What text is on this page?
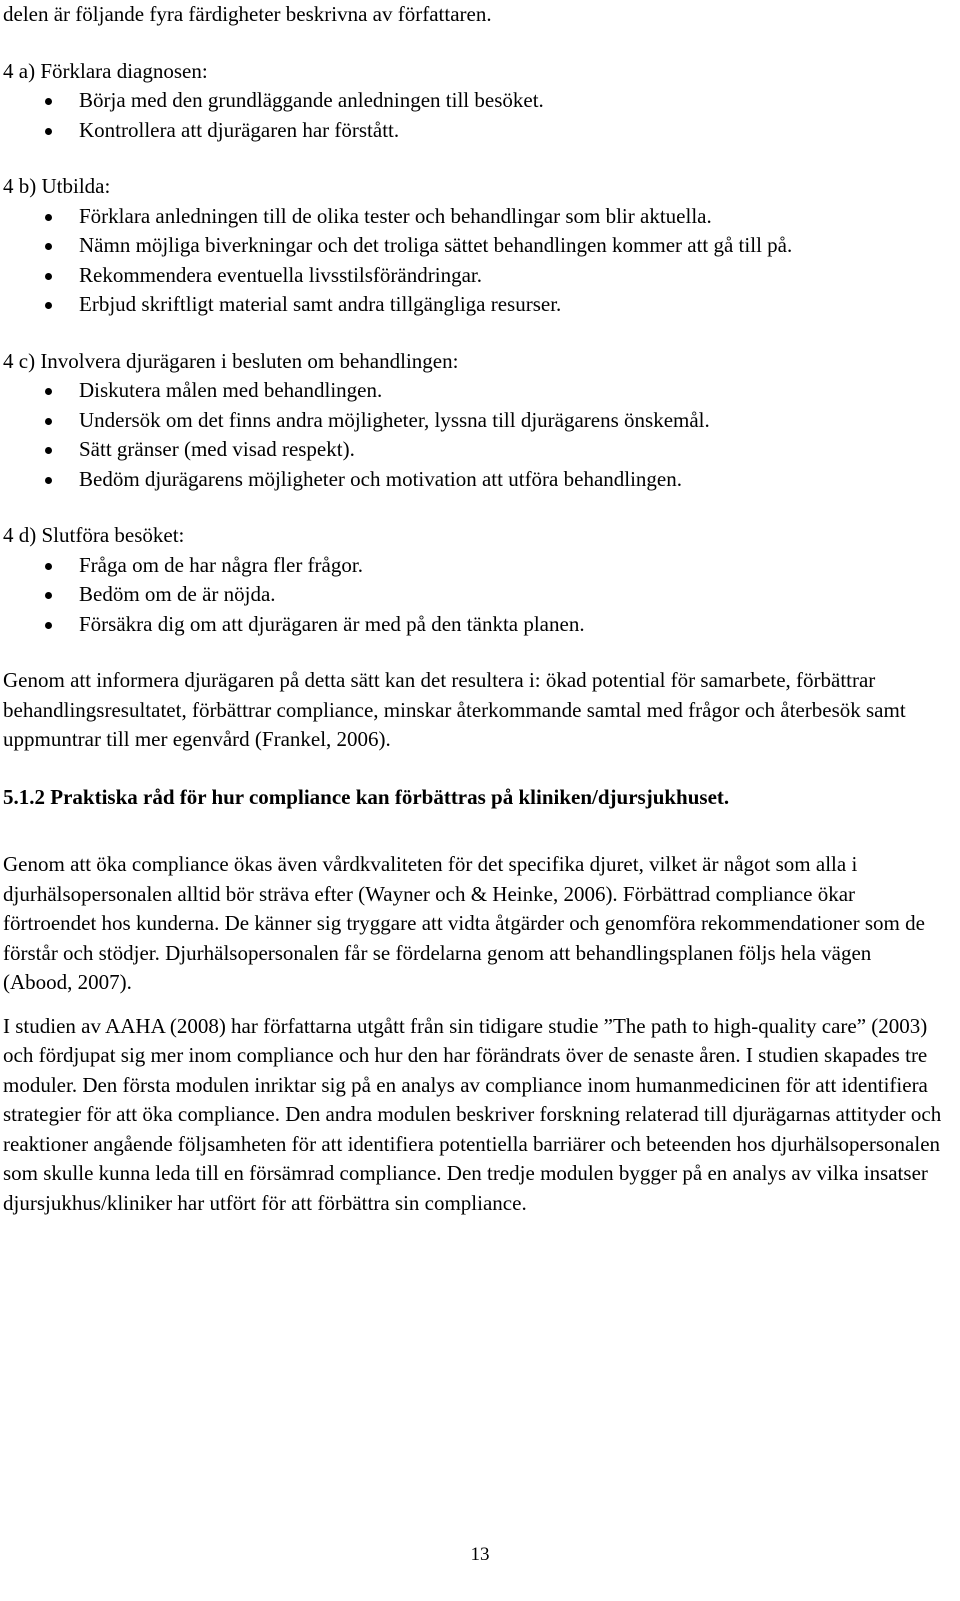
delen är följande fyra färdigheter beskrivna av författaren.

4 a) Förklara diagnosen:

Börja med den grundläggande anledningen till besöket.
Kontrollera att djurägaren har förstått.

4 b) Utbilda:

Förklara anledningen till de olika tester och behandlingar som blir aktuella.
Nämn möjliga biverkningar och det troliga sättet behandlingen kommer att gå till på.
Rekommendera eventuella livsstilsförändringar.
Erbjud skriftligt material samt andra tillgängliga resurser.

4 c) Involvera djurägaren i besluten om behandlingen:

Diskutera målen med behandlingen.
Undersök om det finns andra möjligheter, lyssna till djurägarens önskemål.
Sätt gränser (med visad respekt).
Bedöm djurägarens möjligheter och motivation att utföra behandlingen.

4 d) Slutföra besöket:

Fråga om de har några fler frågor.
Bedöm om de är nöjda.
Försäkra dig om att djurägaren är med på den tänkta planen.

Genom att informera djurägaren på detta sätt kan det resultera i: ökad potential för samarbete, förbättrar behandlingsresultatet, förbättrar compliance, minskar återkommande samtal med frågor och återbesök samt uppmuntrar till mer egenvård (Frankel, 2006).

5.1.2 Praktiska råd för hur compliance kan förbättras på kliniken/djursjukhuset.

Genom att öka compliance ökas även vårdkvaliteten för det specifika djuret, vilket är något som alla i djurhälsopersonalen alltid bör sträva efter (Wayner och & Heinke, 2006). Förbättrad compliance ökar förtroendet hos kunderna. De känner sig tryggare att vidta åtgärder och genomföra rekommendationer som de förstår och stödjer. Djurhälsopersonalen får se fördelarna genom att behandlingsplanen följs hela vägen (Abood, 2007).

I studien av AAHA (2008) har författarna utgått från sin tidigare studie ”The path to high-quality care” (2003) och fördjupat sig mer inom compliance och hur den har förändrats över de senaste åren. I studien skapades tre moduler. Den första modulen inriktar sig på en analys av compliance inom humanmedicinen för att identifiera strategier för att öka compliance. Den andra modulen beskriver forskning relaterad till djurägarnas attityder och reaktioner angående följsamheten för att identifiera potentiella barriärer och beteenden hos djurhälsopersonalen som skulle kunna leda till en försämrad compliance. Den tredje modulen bygger på en analys av vilka insatser djursjukhus/kliniker har utfört för att förbättra sin compliance.

13
